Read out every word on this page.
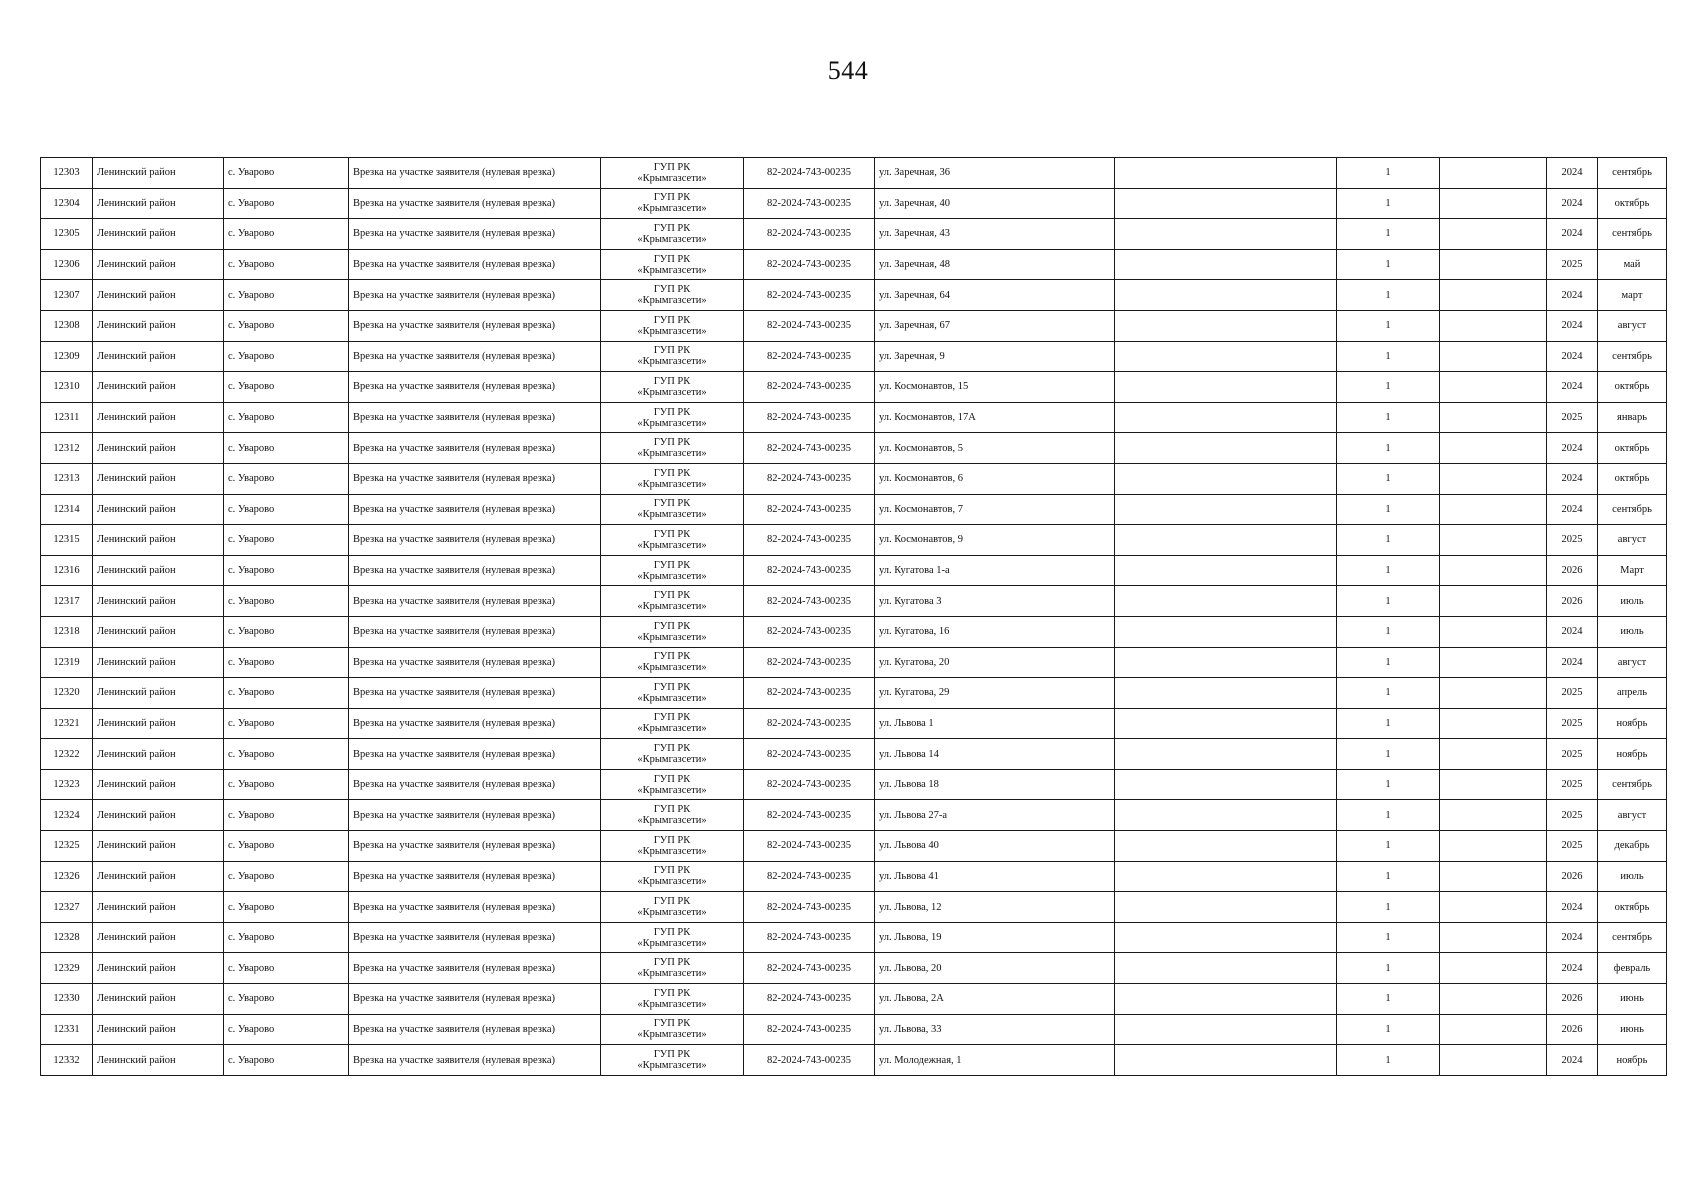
544
12303	Ленинский район	с. Уварово	Врезка на участке заявителя (нулевая врезка)	ГУП РК
«Крымгазсети»	82-2024-743-00235	ул. Заречная, 36		1		2024	сентябрь
12304	Ленинский район	с. Уварово	Врезка на участке заявителя (нулевая врезка)	ГУП РК
«Крымгазсети»	82-2024-743-00235	ул. Заречная, 40		1		2024	октябрь
12305	Ленинский район	с. Уварово	Врезка на участке заявителя (нулевая врезка)	ГУП РК
«Крымгазсети»	82-2024-743-00235	ул. Заречная, 43		1		2024	сентябрь
12306	Ленинский район	с. Уварово	Врезка на участке заявителя (нулевая врезка)	ГУП РК
«Крымгазсети»	82-2024-743-00235	ул. Заречная, 48		1		2025	май
12307	Ленинский район	с. Уварово	Врезка на участке заявителя (нулевая врезка)	ГУП РК
«Крымгазсети»	82-2024-743-00235	ул. Заречная, 64		1		2024	март
12308	Ленинский район	с. Уварово	Врезка на участке заявителя (нулевая врезка)	ГУП РК
«Крымгазсети»	82-2024-743-00235	ул. Заречная, 67		1		2024	август
12309	Ленинский район	с. Уварово	Врезка на участке заявителя (нулевая врезка)	ГУП РК
«Крымгазсети»	82-2024-743-00235	ул. Заречная, 9		1		2024	сентябрь
12310	Ленинский район	с. Уварово	Врезка на участке заявителя (нулевая врезка)	ГУП РК
«Крымгазсети»	82-2024-743-00235	ул. Космонавтов, 15		1		2024	октябрь
12311	Ленинский район	с. Уварово	Врезка на участке заявителя (нулевая врезка)	ГУП РК
«Крымгазсети»	82-2024-743-00235	ул. Космонавтов, 17А		1		2025	январь
12312	Ленинский район	с. Уварово	Врезка на участке заявителя (нулевая врезка)	ГУП РК
«Крымгазсети»	82-2024-743-00235	ул. Космонавтов, 5		1		2024	октябрь
12313	Ленинский район	с. Уварово	Врезка на участке заявителя (нулевая врезка)	ГУП РК
«Крымгазсети»	82-2024-743-00235	ул. Космонавтов, 6		1		2024	октябрь
12314	Ленинский район	с. Уварово	Врезка на участке заявителя (нулевая врезка)	ГУП РК
«Крымгазсети»	82-2024-743-00235	ул. Космонавтов, 7		1		2024	сентябрь
12315	Ленинский район	с. Уварово	Врезка на участке заявителя (нулевая врезка)	ГУП РК
«Крымгазсети»	82-2024-743-00235	ул. Космонавтов, 9		1		2025	август
12316	Ленинский район	с. Уварово	Врезка на участке заявителя (нулевая врезка)	ГУП РК
«Крымгазсети»	82-2024-743-00235	ул. Кугатова 1-а		1		2026	Март
12317	Ленинский район	с. Уварово	Врезка на участке заявителя (нулевая врезка)	ГУП РК
«Крымгазсети»	82-2024-743-00235	ул. Кугатова 3		1		2026	июль
12318	Ленинский район	с. Уварово	Врезка на участке заявителя (нулевая врезка)	ГУП РК
«Крымгазсети»	82-2024-743-00235	ул. Кугатова, 16		1		2024	июль
12319	Ленинский район	с. Уварово	Врезка на участке заявителя (нулевая врезка)	ГУП РК
«Крымгазсети»	82-2024-743-00235	ул. Кугатова, 20		1		2024	август
12320	Ленинский район	с. Уварово	Врезка на участке заявителя (нулевая врезка)	ГУП РК
«Крымгазсети»	82-2024-743-00235	ул. Кугатова, 29		1		2025	апрель
12321	Ленинский район	с. Уварово	Врезка на участке заявителя (нулевая врезка)	ГУП РК
«Крымгазсети»	82-2024-743-00235	ул. Львова 1		1		2025	ноябрь
12322	Ленинский район	с. Уварово	Врезка на участке заявителя (нулевая врезка)	ГУП РК
«Крымгазсети»	82-2024-743-00235	ул. Львова 14		1		2025	ноябрь
12323	Ленинский район	с. Уварово	Врезка на участке заявителя (нулевая врезка)	ГУП РК
«Крымгазсети»	82-2024-743-00235	ул. Львова 18		1		2025	сентябрь
12324	Ленинский район	с. Уварово	Врезка на участке заявителя (нулевая врезка)	ГУП РК
«Крымгазсети»	82-2024-743-00235	ул. Львова 27-а		1		2025	август
12325	Ленинский район	с. Уварово	Врезка на участке заявителя (нулевая врезка)	ГУП РК
«Крымгазсети»	82-2024-743-00235	ул. Львова 40		1		2025	декабрь
12326	Ленинский район	с. Уварово	Врезка на участке заявителя (нулевая врезка)	ГУП РК
«Крымгазсети»	82-2024-743-00235	ул. Львова 41		1		2026	июль
12327	Ленинский район	с. Уварово	Врезка на участке заявителя (нулевая врезка)	ГУП РК
«Крымгазсети»	82-2024-743-00235	ул. Львова, 12		1		2024	октябрь
12328	Ленинский район	с. Уварово	Врезка на участке заявителя (нулевая врезка)	ГУП РК
«Крымгазсети»	82-2024-743-00235	ул. Львова, 19		1		2024	сентябрь
12329	Ленинский район	с. Уварово	Врезка на участке заявителя (нулевая врезка)	ГУП РК
«Крымгазсети»	82-2024-743-00235	ул. Львова, 20		1		2024	февраль
12330	Ленинский район	с. Уварово	Врезка на участке заявителя (нулевая врезка)	ГУП РК
«Крымгазсети»	82-2024-743-00235	ул. Львова, 2А		1		2026	июнь
12331	Ленинский район	с. Уварово	Врезка на участке заявителя (нулевая врезка)	ГУП РК
«Крымгазсети»	82-2024-743-00235	ул. Львова, 33		1		2026	июнь
12332	Ленинский район	с. Уварово	Врезка на участке заявителя (нулевая врезка)	ГУП РК
«Крымгазсети»	82-2024-743-00235	ул. Молодежная, 1		1		2024	ноябрь
